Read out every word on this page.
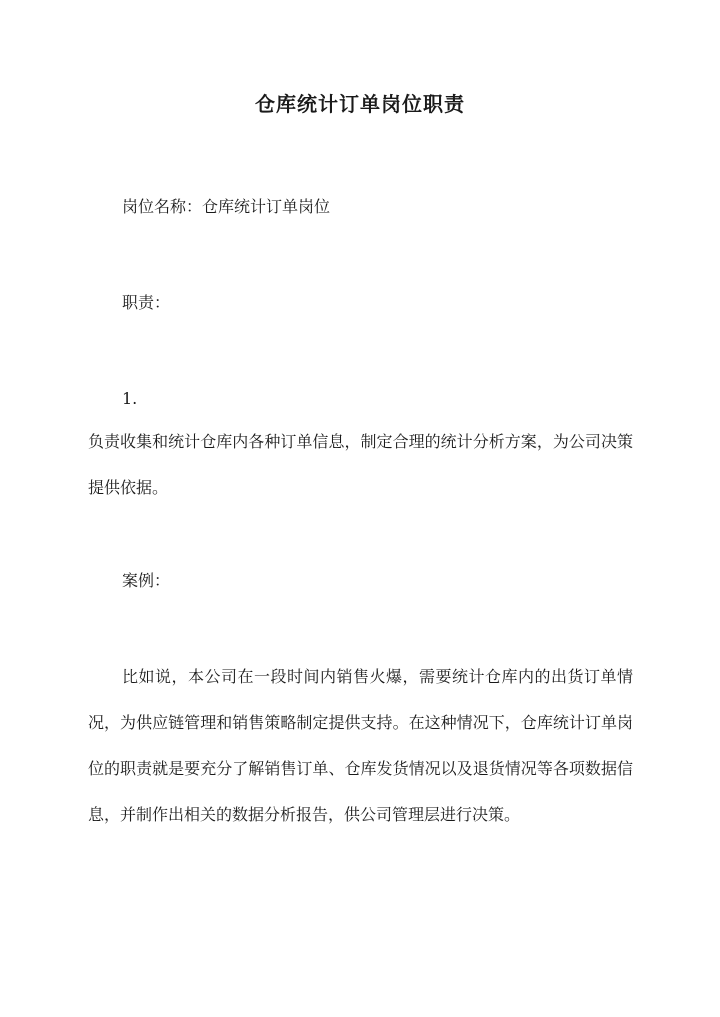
仓库统计订单岗位职责
岗位名称：仓库统计订单岗位
职责：
1.
负责收集和统计仓库内各种订单信息，制定合理的统计分析方案，为公司决策提供依据。
案例：
比如说，本公司在一段时间内销售火爆，需要统计仓库内的出货订单情况，为供应链管理和销售策略制定提供支持。在这种情况下，仓库统计订单岗位的职责就是要充分了解销售订单、仓库发货情况以及退货情况等各项数据信息，并制作出相关的数据分析报告，供公司管理层进行决策。
